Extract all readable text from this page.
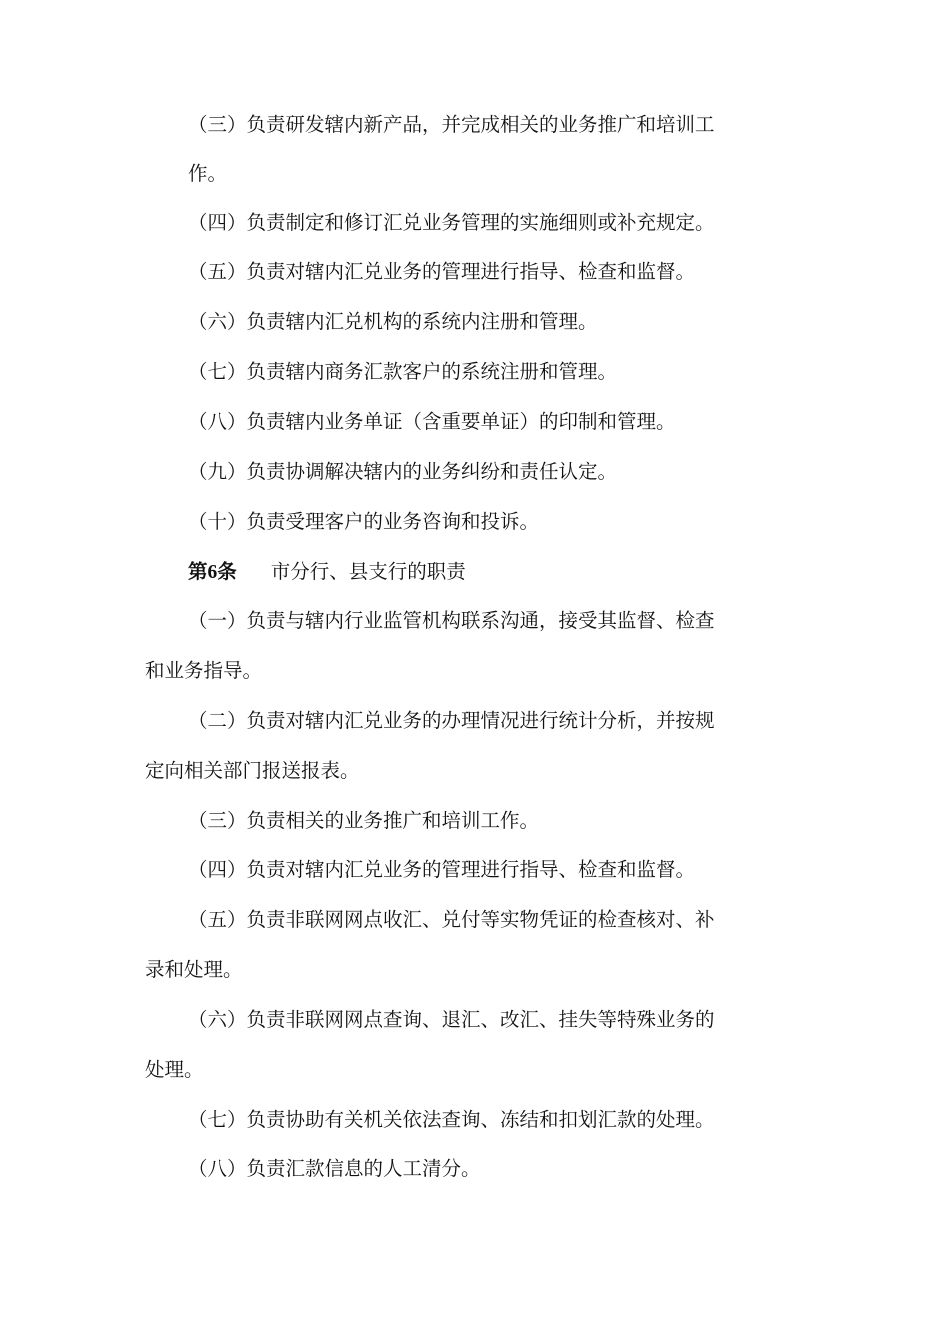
（三）负责研发辖内新产品，并完成相关的业务推广和培训工
作。
（四）负责制定和修订汇兑业务管理的实施细则或补充规定。
（五）负责对辖内汇兑业务的管理进行指导、检查和监督。
（六）负责辖内汇兑机构的系统内注册和管理。
（七）负责辖内商务汇款客户的系统注册和管理。
（八）负责辖内业务单证（含重要单证）的印制和管理。
（九）负责协调解决辖内的业务纠纷和责任认定。
（十）负责受理客户的业务咨询和投诉。
第6条 市分行、县支行的职责
（一）负责与辖内行业监管机构联系沟通，接受其监督、检查
和业务指导。
（二）负责对辖内汇兑业务的办理情况进行统计分析，并按规
定向相关部门报送报表。
（三）负责相关的业务推广和培训工作。
（四）负责对辖内汇兑业务的管理进行指导、检查和监督。
（五）负责非联网网点收汇、兑付等实物凭证的检查核对、补
录和处理。
（六）负责非联网网点查询、退汇、改汇、挂失等特殊业务的
处理。
（七）负责协助有关机关依法查询、冻结和扣划汇款的处理。
（八）负责汇款信息的人工清分。
